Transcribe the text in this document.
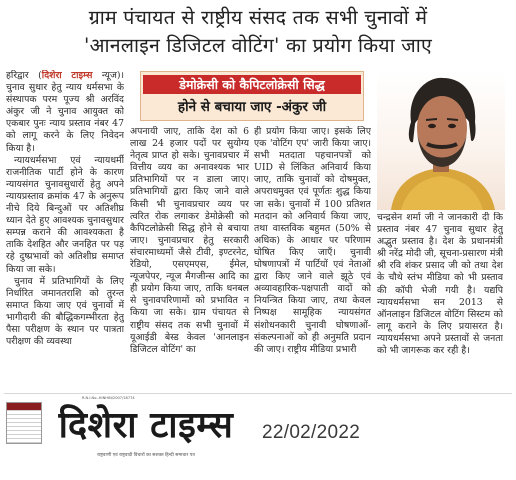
ग्राम पंचायत से राष्ट्रीय संसद तक सभी चुनावों में
'आनलाइन डिजिटल वोटिंग' का प्रयोग किया जाए

हरिद्वार (दिशेरा टाइम्स न्यूज)। चुनाव सुधार हेतु न्याय धर्मसभा के संस्थापक परम पूज्य श्री अरविंद अंकुर जी ने चुनाव आयुक्त को एकबार पुनः न्याय प्रस्ताव नंबर 47 को लागू करने के लिए निवेदन किया है।

न्यायधर्मसभा एवं न्यायधर्मी राजनीतिक पार्टी होने के कारण न्यायसंगत चुनावसुधारों हेतु अपने न्यायप्रस्ताव क्रमांक 47 के अनुरूप नीचे दिये बिन्दुओं पर अतिशीघ्र ध्यान देते हुए आवश्यक चुनावसुधार सम्पन्न कराने की आवश्यकता है ताकि देशहित और जनहित पर पड़ रहे दुष्प्रभावों को अतिशीघ्र समाप्त किया जा सके।

चुनाव में प्रतिभागियों के लिए निर्धारित जमानतराशि को तुरन्त समाप्त किया जाए एवं चुनावों में भागीदारी की बौद्धिकगम्भीरता हेतु पैसा परीक्षण के स्थान पर पात्रता परीक्षण की व्यवस्था

डेमोक्रेसी को कैपिटलोक्रेसी सिद्ध
होने से बचाया जाए -अंकुर जी
अपनायी जाए, ताकि देश को 6 लाख 24 हजार पदों पर सुयोग्य नेतृत्व प्राप्त हो सके। चुनावप्रचार में वित्तीय व्यय का अनावश्यक भार प्रतिभागियों पर न डाला जाए। प्रतिभागियों द्वारा किए जाने वाले किसी भी चुनावप्रचार व्यय पर त्वरित रोक लगाकर डेमोक्रेसी को कैपिटलोक्रेसी सिद्ध होने से बचाया जाए। चुनावप्रचार हेतु सरकारी संचारमाध्यमों जैसे टीवी, इण्टरनेट, रेडियो, एसएमएस, ईमेल, न्यूजपेपर, न्यूज मैगजीन्स आदि का ही प्रयोग किया जाए, ताकि धनबल से चुनावपरिणामों को प्रभावित न किया जा सके। ग्राम पंचायत से राष्ट्रीय संसद तक सभी चुनावों में यूआईडी बेस्ड केवल 'आनलाइन डिजिटल वोटिंग' का
ही प्रयोग किया जाए। इसके लिए एक 'वोटिंग एप' जारी किया जाए। सभी मतदाता पहचानपत्रों को UID से लिंकित अनिवार्य किया जाए, ताकि चुनावों को दोषमुक्त, अपराधमुक्त एवं पूर्णतः शुद्ध किया जा सके। चुनावों में 100 प्रतिशत मतदान को अनिवार्य किया जाए, तथा वास्तविक बहुमत (50% से अधिक) के आधार पर परिणाम घोषित किए जाएँ। चुनावी घोषणापत्रों में पार्टियों एवं नेताओं द्वारा किए जाने वाले झूठे एवं अव्यावहारिक-पक्षपाती वादों को नियन्त्रित किया जाए, तथा केवल निष्पक्ष सामूहिक न्यायसंगत संशोधनकारी चुनावी घोषणाओं-संकल्पनाओं को ही अनुमति प्रदान की जाए। राष्ट्रीय मीडिया प्रभारी
चन्द्रसेन शर्मा जी ने जानकारी दी कि प्रस्ताव नंबर 47 चुनाव सुधार हेतु अद्भुत प्रस्ताव है। देश के प्रधानमंत्री श्री नरेंद्र मोदी जी, सूचना-प्रसारण मंत्री श्री रवि शंकर प्रसाद जी को तथा देश के चौथे स्तंभ मीडिया को भी प्रस्ताव की कॉपी भेजी गयी है। यद्यपि न्यायधर्मसभा सन 2013 से ऑनलाइन डिजिटल वोटिंग सिस्टम को लागू कराने के लिए प्रयासरत है। न्यायधर्मसभा अपने प्रस्तावों से जनता को भी जागरूक कर रही है।
R.N.I.No.-HINHIN/2007/18774
दिशेरा टाइम्स
राष्ट्रवाणी एवं राष्ट्रवादी विचारों का सशक्त हिन्दी समाचार पत्र
22/02/2022
